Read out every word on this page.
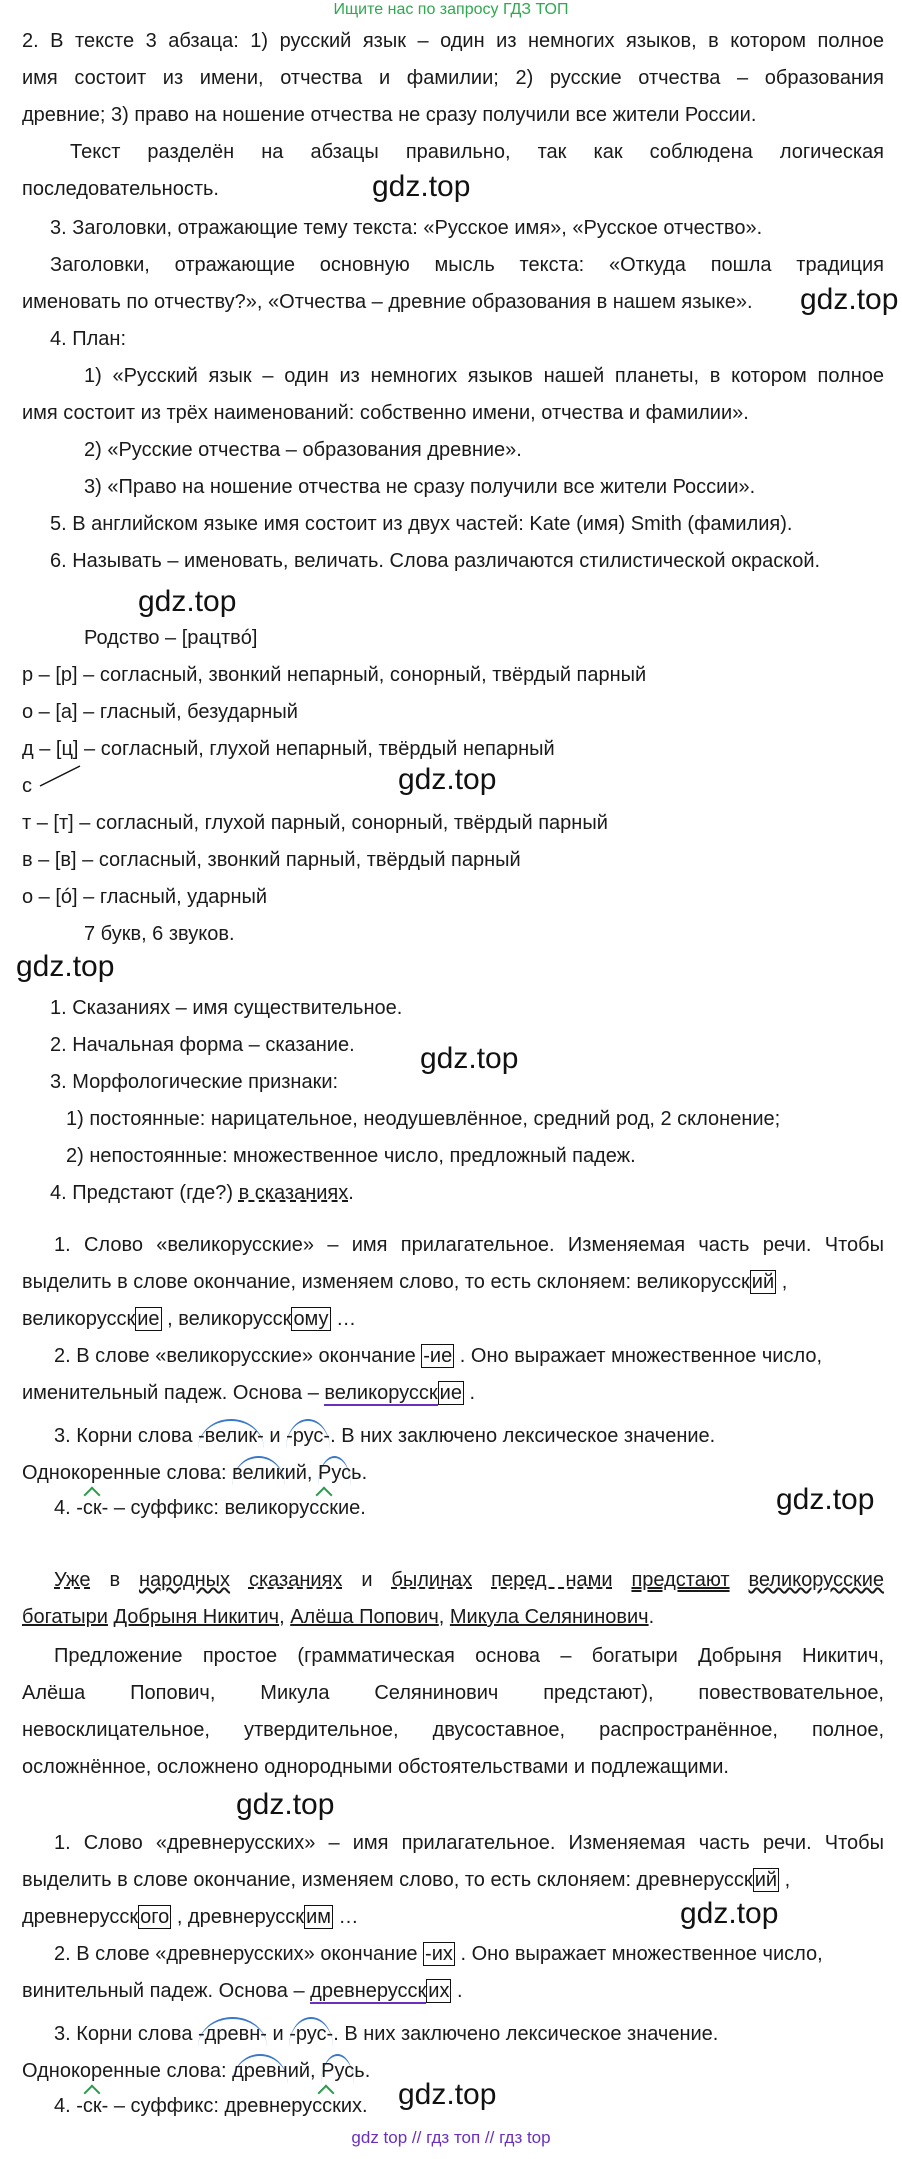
Ищите нас по запросу ГДЗ ТОП
2. В тексте 3 абзаца: 1) русский язык – один из немногих языков, в котором полное
имя состоит из имени, отчества и фамилии; 2) русские отчества – образования
древние; 3) право на ношение отчества не сразу получили все жители России.
Текст разделён на абзацы правильно, так как соблюдена логическая
последовательность.	gdz.top
3. Заголовки, отражающие тему текста: «Русское имя», «Русское отчество».
Заголовки, отражающие основную мысль текста: «Откуда пошла традиция
именовать по отчеству?», «Отчества – древние образования в нашем языке».	gdz.top
4. План:
1) «Русский язык – один из немногих языков нашей планеты, в котором полное
имя состоит из трёх наименований: собственно имени, отчества и фамилии».
2) «Русские отчества – образования древние».
3) «Право на ношение отчества не сразу получили все жители России».
5. В английском языке имя состоит из двух частей: Kate (имя) Smith (фамилия).
6. Называть – именовать, величать. Слова различаются стилистической окраской.
gdz.top
Родство – [рацтвó]
р – [р] – согласный, звонкий непарный, сонорный, твёрдый парный
о – [а] – гласный, безударный
д – [ц] – согласный, глухой непарный, твёрдый непарный
с	gdz.top
т – [т] – согласный, глухой парный, сонорный, твёрдый парный
в – [в] – согласный, звонкий парный, твёрдый парный
о – [ó] – гласный, ударный
7 букв, 6 звуков.
gdz.top
1. Сказаниях – имя существительное.
2. Начальная форма – сказание.	gdz.top
3. Морфологические признаки:
1) постоянные: нарицательное, неодушевлённое, средний род, 2 склонение;
2) непостоянные: множественное число, предложный падеж.
4. Предстают (где?) в сказаниях.
1. Слово «великорусские» – имя прилагательное. Изменяемая часть речи. Чтобы
выделить в слове окончание, изменяем слово, то есть склоняем: великорусск ий ,
великорусск ие , великорусск ому …
2. В слове «великорусские» окончание -ие . Оно выражает множественное число,
именительный падеж. Основа – великорусск ие .
3. Корни слова -велик- и -рус-. В них заключено лексическое значение.
Однокоренные слова: великий, Русь.
4. -ск- – суффикс: великорусские.	gdz.top
Уже в народных сказаниях и былинах перед нами предстают великорусские
богатыри Добрыня Никитич, Алёша Попович, Микула Селянинович.
Предложение простое (грамматическая основа – богатыри Добрыня Никитич,
Алёша Попович, Микула Селянинович предстают), повествовательное,
невосклицательное, утвердительное, двусоставное, распространённое, полное,
осложнённое, осложнено однородными обстоятельствами и подлежащими.
gdz.top
1. Слово «древнерусских» – имя прилагательное. Изменяемая часть речи. Чтобы
выделить в слове окончание, изменяем слово, то есть склоняем: древнерусск ий ,
древнерусск ого , древнерусск им …	gdz.top
2. В слове «древнерусских» окончание -их . Оно выражает множественное число,
винительный падеж. Основа – древнерусск их .
3. Корни слова -древн- и -рус-. В них заключено лексическое значение.
Однокоренные слова: древний, Русь.
4. -ск- – суффикс: древнерусских.	gdz.top
gdz top // гдз топ // гдз top
